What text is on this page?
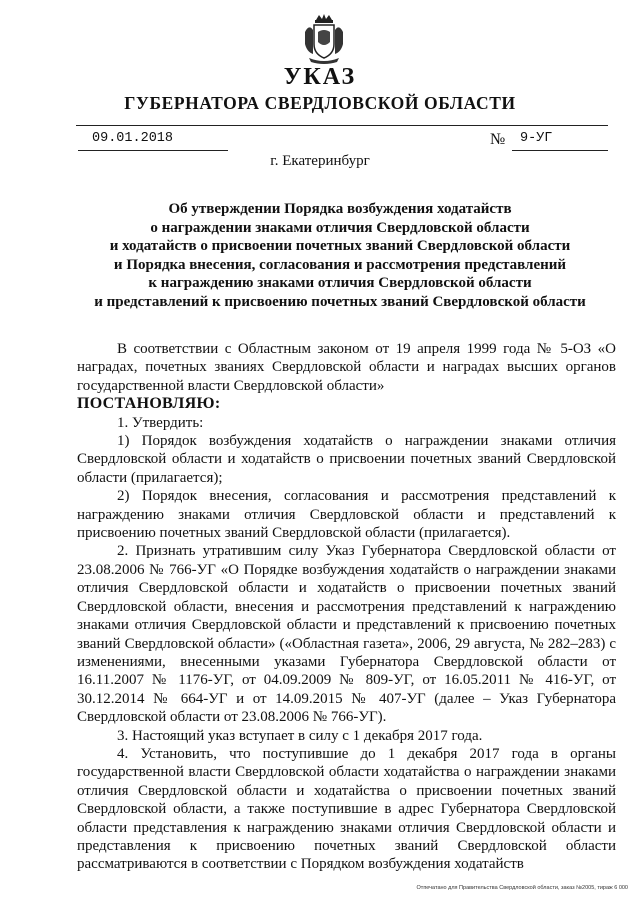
УКАЗ
ГУБЕРНАТОРА СВЕРДЛОВСКОЙ ОБЛАСТИ
09.01.2018	№ 9-УГ
г. Екатеринбург
Об утверждении Порядка возбуждения ходатайств
о награждении знаками отличия Свердловской области
и ходатайств о присвоении почетных званий Свердловской области
и Порядка внесения, согласования и рассмотрения представлений
к награждению знаками отличия Свердловской области
и представлений к присвоению почетных званий Свердловской области

В соответствии с Областным законом от 19 апреля 1999 года № 5-ОЗ «О наградах, почетных званиях Свердловской области и наградах высших органов государственной власти Свердловской области»

ПОСТАНОВЛЯЮ:

1. Утвердить:

1) Порядок возбуждения ходатайств о награждении знаками отличия Свердловской области и ходатайств о присвоении почетных званий Свердловской области (прилагается);

2) Порядок внесения, согласования и рассмотрения представлений к награждению знаками отличия Свердловской области и представлений к присвоению почетных званий Свердловской области (прилагается).

2. Признать утратившим силу Указ Губернатора Свердловской области от 23.08.2006 № 766-УГ «О Порядке возбуждения ходатайств о награждении знаками отличия Свердловской области и ходатайств о присвоении почетных званий Свердловской области, внесения и рассмотрения представлений к награждению знаками отличия Свердловской области и представлений к присвоению почетных званий Свердловской области» («Областная газета», 2006, 29 августа, № 282–283) с изменениями, внесенными указами Губернатора Свердловской области от 16.11.2007 № 1176-УГ, от 04.09.2009 № 809-УГ, от 16.05.2011 № 416-УГ, от 30.12.2014 № 664-УГ и от 14.09.2015 № 407-УГ (далее – Указ Губернатора Свердловской области от 23.08.2006 № 766-УГ).

3. Настоящий указ вступает в силу с 1 декабря 2017 года.

4. Установить, что поступившие до 1 декабря 2017 года в органы государственной власти Свердловской области ходатайства о награждении знаками отличия Свердловской области и ходатайства о присвоении почетных званий Свердловской области, а также поступившие в адрес Губернатора Свердловской области представления к награждению знаками отличия Свердловской области и представления к присвоению почетных званий Свердловской области рассматриваются в соответствии с Порядком возбуждения ходатайств

Отпечатано для Правительства Свердловской области, заказ №2005, тираж 6 000
